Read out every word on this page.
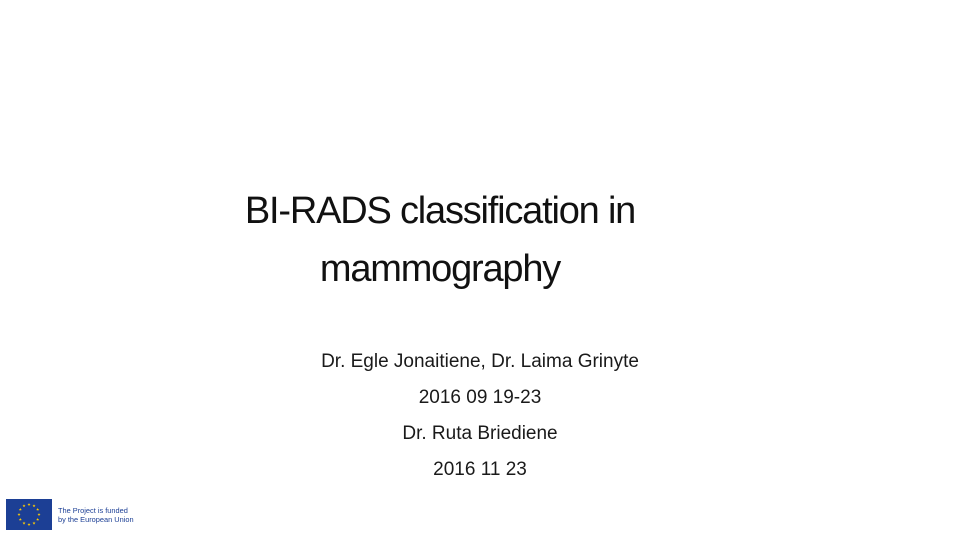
BI-RADS classification in
mammography
Dr. Egle Jonaitiene, Dr. Laima Grinyte
2016 09 19-23
Dr. Ruta Briediene
2016 11 23
The Project is funded
by the European Union
